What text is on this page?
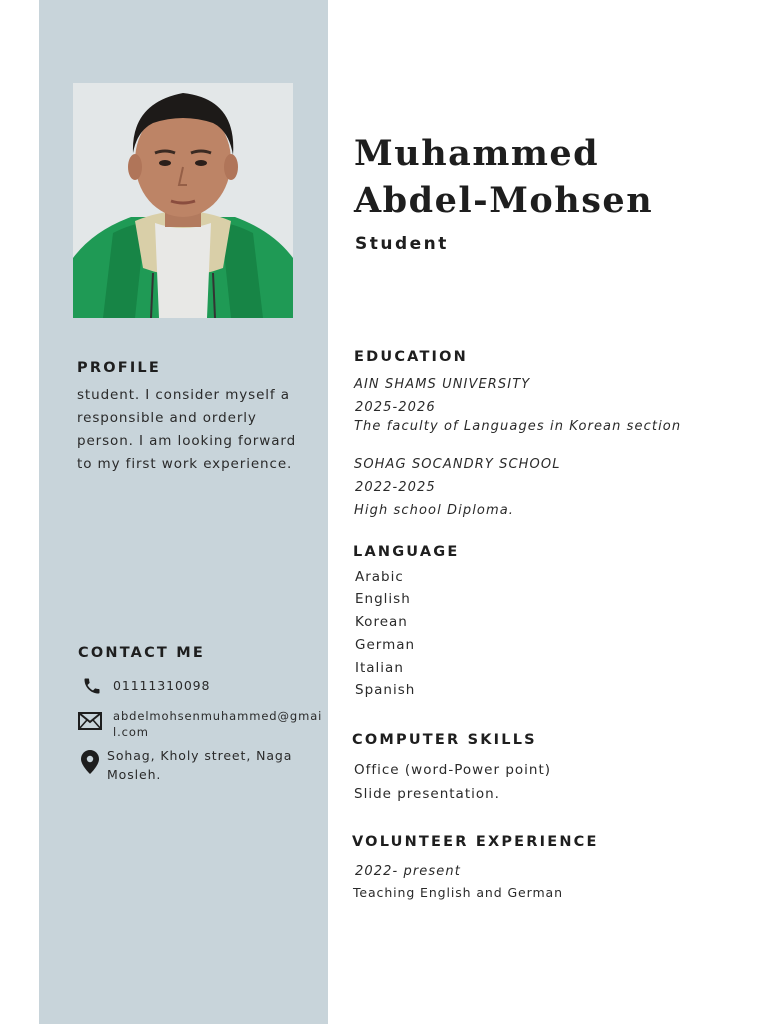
Muhammed Abdel-Mohsen
Student
PROFILE
student. I consider myself a responsible and orderly person. I am looking forward to my first work experience.
CONTACT ME
01111310098
abdelmohsenmuhammed@gmai
l.com
Sohag, Kholy street, Naga
Mosleh.
EDUCATION
AIN SHAMS UNIVERSITY
2025-2026
The faculty of Languages in Korean section
SOHAG SOCANDRY SCHOOL
2022-2025
High school Diploma.
LANGUAGE
Arabic
English
Korean
German
Italian
Spanish
COMPUTER SKILLS
Office (word-Power point)
Slide presentation.
VOLUNTEER EXPERIENCE
2022- present
Teaching English and German
